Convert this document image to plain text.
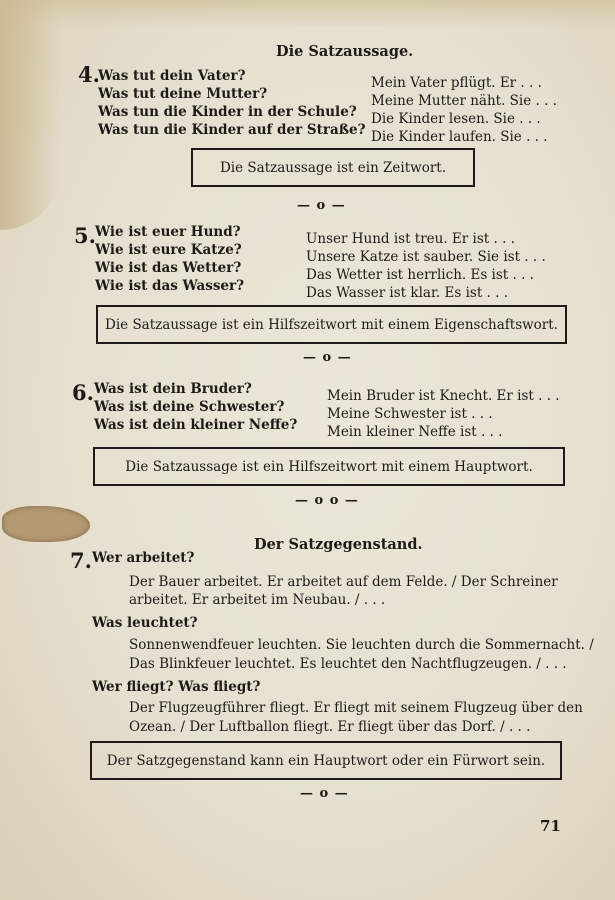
Die Satzaussage.
4.
Was tut dein Vater?
Was tut deine Mutter?
Was tun die Kinder in der Schule?
Was tun die Kinder auf der Straße?
Mein Vater pflügt. Er . . .
Meine Mutter näht. Sie . . .
Die Kinder lesen. Sie . . .
Die Kinder laufen. Sie . . .
Die Satzaussage ist ein Zeitwort.
— o —
5. Wie ist euer Hund?
Wie ist eure Katze?
Wie ist das Wetter?
Wie ist das Wasser?
Unser Hund ist treu. Er ist . . .
Unsere Katze ist sauber. Sie ist . . .
Das Wetter ist herrlich. Es ist . . .
Das Wasser ist klar. Es ist . . .
Die Satzaussage ist ein Hilfszeitwort mit einem Eigenschaftswort.
— o —
6. Was ist dein Bruder?
Was ist deine Schwester?
Was ist dein kleiner Neffe?
Mein Bruder ist Knecht. Er ist . . .
Meine Schwester ist . . .
Mein kleiner Neffe ist . . .
Die Satzaussage ist ein Hilfszeitwort mit einem Hauptwort.
— o o —
Der Satzgegenstand.
7. Wer arbeitet?
Der Bauer arbeitet. Er arbeitet auf dem Felde. / Der Schreiner
arbeitet. Er arbeitet im Neubau. / . . .
Was leuchtet?
Sonnenwendfeuer leuchten. Sie leuchten durch die Sommernacht. /
Das Blinkfeuer leuchtet. Es leuchtet den Nachtflugzeugen. / . . .
Wer fliegt? Was fliegt?
Der Flugzeugführer fliegt. Er fliegt mit seinem Flugzeug über den
Ozean. / Der Luftballon fliegt. Er fliegt über das Dorf. / . . .
Der Satzgegenstand kann ein Hauptwort oder ein Fürwort sein.
— o —
71
